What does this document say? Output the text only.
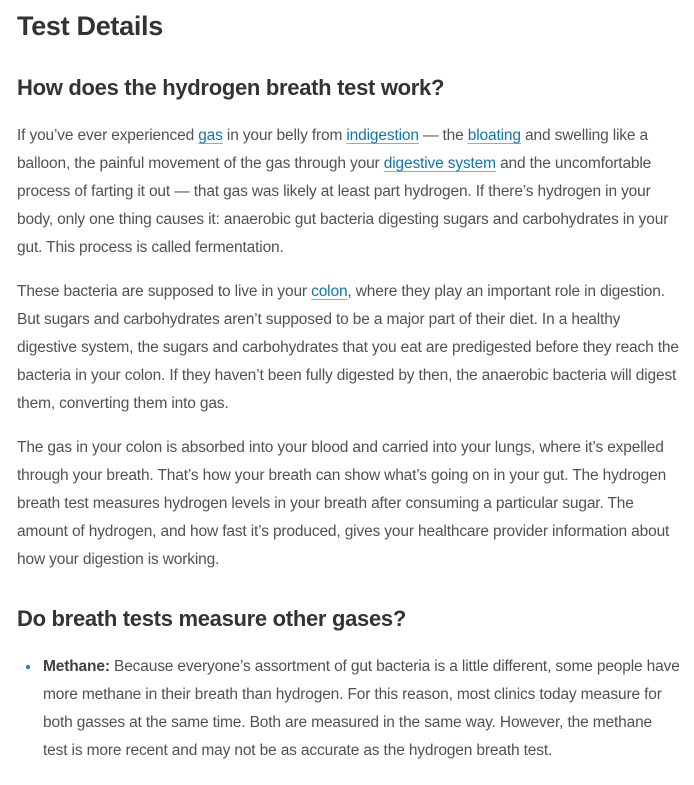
Test Details
How does the hydrogen breath test work?

If you’ve ever experienced gas in your belly from indigestion — the bloating and swelling like a balloon, the painful movement of the gas through your digestive system and the uncomfortable process of farting it out — that gas was likely at least part hydrogen. If there’s hydrogen in your body, only one thing causes it: anaerobic gut bacteria digesting sugars and carbohydrates in your gut. This process is called fermentation.

These bacteria are supposed to live in your colon, where they play an important role in digestion. But sugars and carbohydrates aren’t supposed to be a major part of their diet. In a healthy digestive system, the sugars and carbohydrates that you eat are predigested before they reach the bacteria in your colon. If they haven’t been fully digested by then, the anaerobic bacteria will digest them, converting them into gas.

The gas in your colon is absorbed into your blood and carried into your lungs, where it’s expelled through your breath. That’s how your breath can show what’s going on in your gut. The hydrogen breath test measures hydrogen levels in your breath after consuming a particular sugar. The amount of hydrogen, and how fast it’s produced, gives your healthcare provider information about how your digestion is working.

Do breath tests measure other gases?
• Methane: Because everyone’s assortment of gut bacteria is a little different, some people have more methane in their breath than hydrogen. For this reason, most clinics today measure for both gasses at the same time. Both are measured in the same way. However, the methane test is more recent and may not be as accurate as the hydrogen breath test.
